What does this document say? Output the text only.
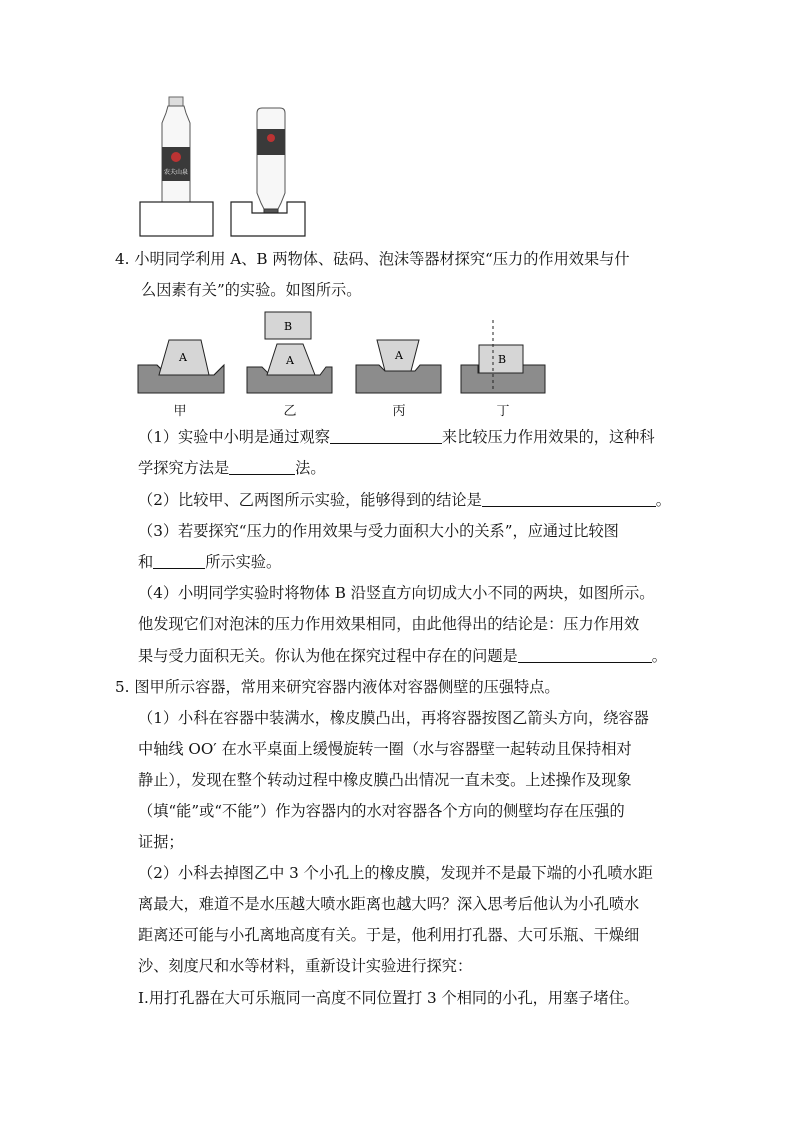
农夫山泉
4. 小明同学利用 A、B 两物体、砝码、泡沫等器材探究“压力的作用效果与什
么因素有关”的实验。如图所示。
A	A
B
A	B
甲	乙	丙	丁
（1）实验中小明是通过观察	来比较压力作用效果的，这种科
学探究方法是	法。
（2）比较甲、乙两图所示实验，能够得到的结论是	。
（3）若要探究“压力的作用效果与受力面积大小的关系”，应通过比较图
和	所示实验。
（4）小明同学实验时将物体 B 沿竖直方向切成大小不同的两块，如图所示。
他发现它们对泡沫的压力作用效果相同，由此他得出的结论是：压力作用效
果与受力面积无关。你认为他在探究过程中存在的问题是	。
5. 图甲所示容器，常用来研究容器内液体对容器侧壁的压强特点。
（1）小科在容器中装满水，橡皮膜凸出，再将容器按图乙箭头方向，绕容器
中轴线 OO′ 在水平桌面上缓慢旋转一圈（水与容器壁一起转动且保持相对
静止），发现在整个转动过程中橡皮膜凸出情况一直未变。上述操作及现象
（填“能”或“不能”）作为容器内的水对容器各个方向的侧壁均存在压强的
证据；
（2）小科去掉图乙中 3 个小孔上的橡皮膜，发现并不是最下端的小孔喷水距
离最大，难道不是水压越大喷水距离也越大吗？深入思考后他认为小孔喷水
距离还可能与小孔离地高度有关。于是，他利用打孔器、大可乐瓶、干燥细
沙、刻度尺和水等材料，重新设计实验进行探究：
Ⅰ.用打孔器在大可乐瓶同一高度不同位置打 3 个相同的小孔，用塞子堵住。
